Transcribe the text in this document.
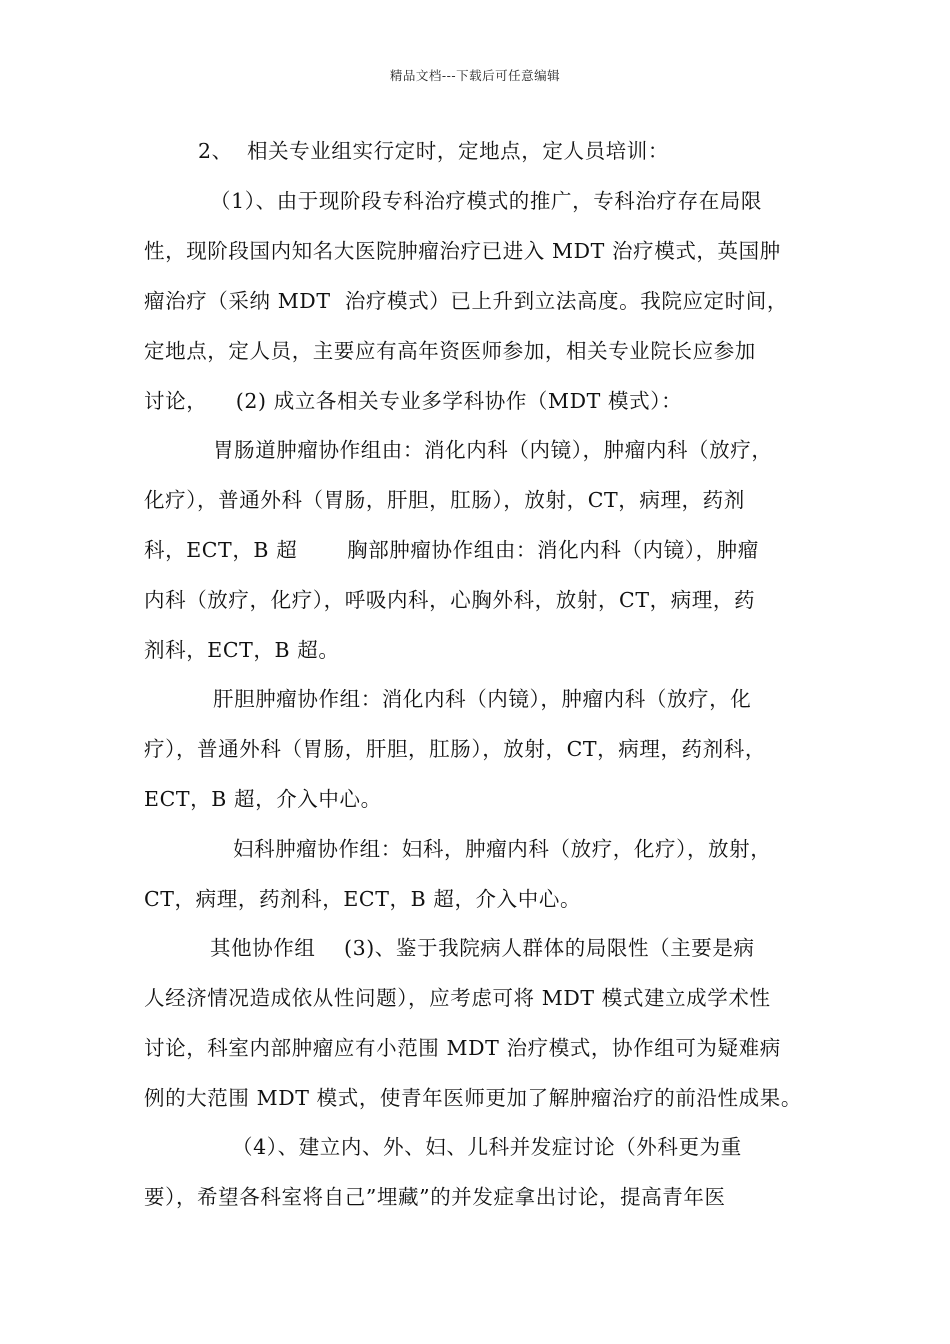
精品文档---下载后可任意编辑
2、  相关专业组实行定时，定地点，定人员培训：
（1）、由于现阶段专科治疗模式的推广，专科治疗存在局限
性，现阶段国内知名大医院肿瘤治疗已进入 MDT 治疗模式，英国肿
瘤治疗（采纳 MDT  治疗模式）已上升到立法高度。我院应定时间，
定地点，定人员，主要应有高年资医师参加，相关专业院长应参加
讨论，    (2) 成立各相关专业多学科协作（MDT 模式）：
胃肠道肿瘤协作组由：消化内科（内镜），肿瘤内科（放疗，
化疗），普通外科（胃肠，肝胆，肛肠），放射，CT，病理，药剂
科，ECT，B 超       胸部肿瘤协作组由：消化内科（内镜），肿瘤
内科（放疗，化疗），呼吸内科，心胸外科，放射，CT，病理，药
剂科，ECT，B 超。
肝胆肿瘤协作组：消化内科（内镜），肿瘤内科（放疗，化
疗），普通外科（胃肠，肝胆，肛肠），放射，CT，病理，药剂科，
ECT，B 超，介入中心。
妇科肿瘤协作组：妇科，肿瘤内科（放疗，化疗），放射，
CT，病理，药剂科，ECT，B 超，介入中心。
其他协作组    (3)、鉴于我院病人群体的局限性（主要是病
人经济情况造成依从性问题），应考虑可将 MDT 模式建立成学术性
讨论，科室内部肿瘤应有小范围 MDT 治疗模式，协作组可为疑难病
例的大范围 MDT 模式，使青年医师更加了解肿瘤治疗的前沿性成果。
（4）、建立内、外、妇、儿科并发症讨论（外科更为重
要），希望各科室将自己”埋藏”的并发症拿出讨论，提高青年医
